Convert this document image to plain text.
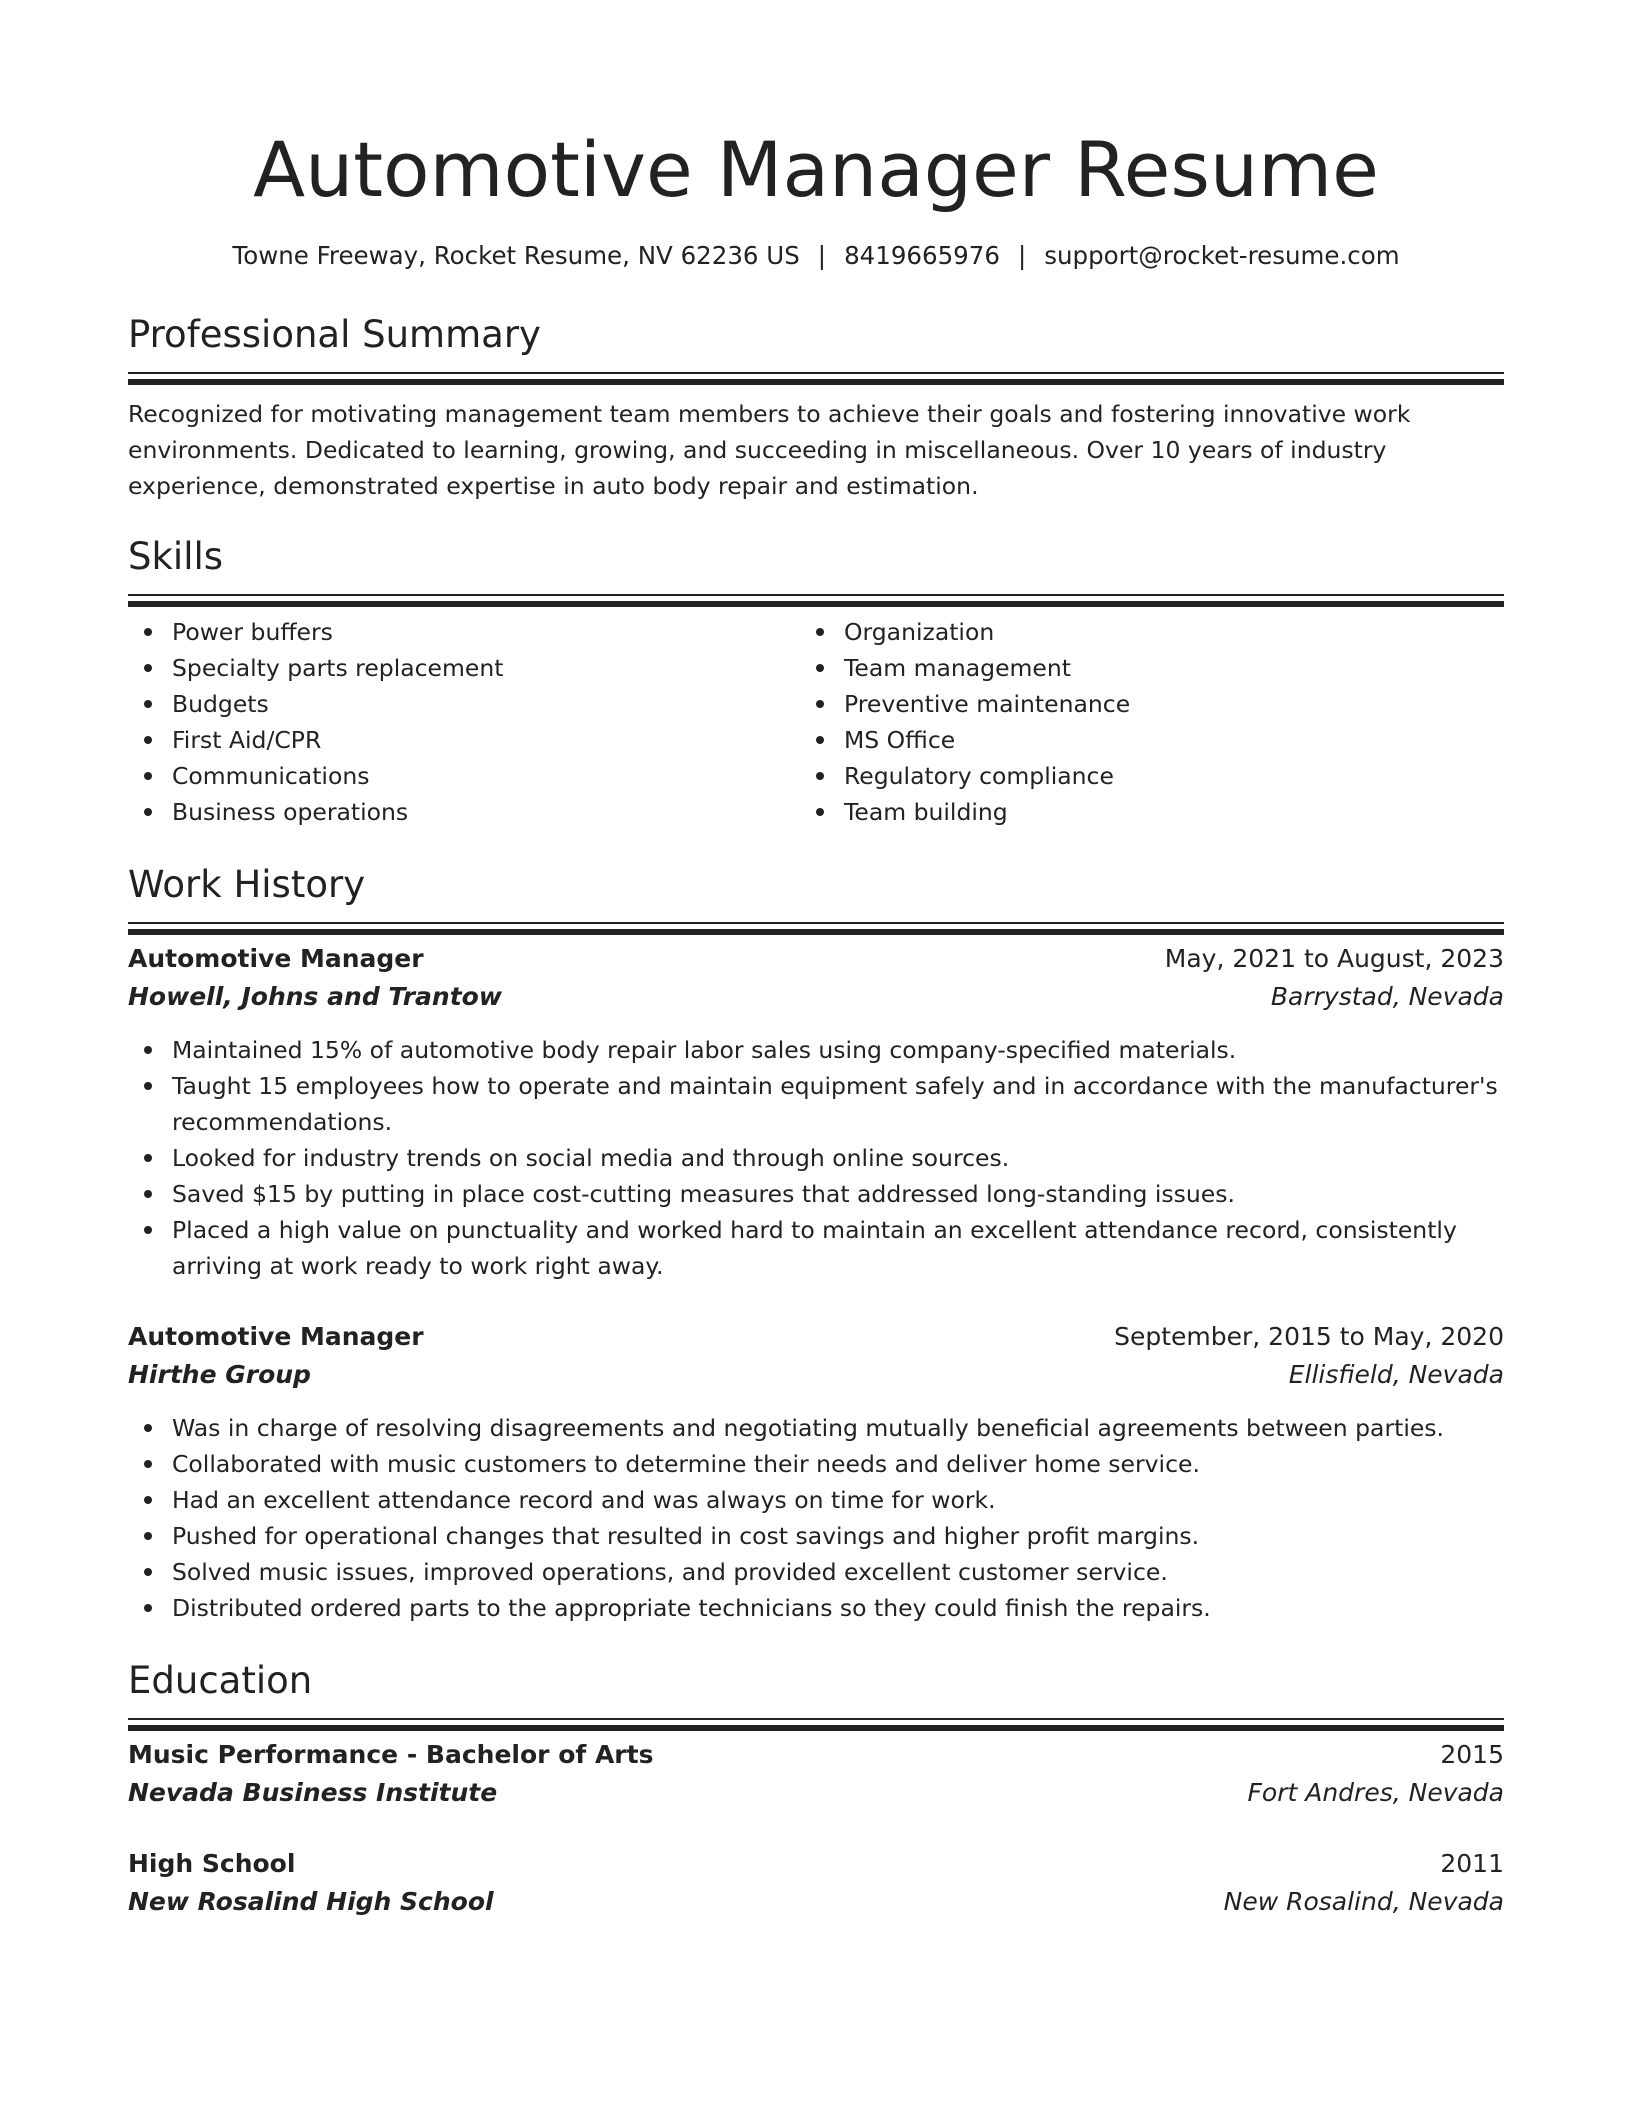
Automotive Manager Resume
Towne Freeway, Rocket Resume, NV 62236 US | 8419665976 | support@rocket-resume.com
Professional Summary

Recognized for motivating management team members to achieve their goals and fostering innovative work environments. Dedicated to learning, growing, and succeeding in miscellaneous. Over 10 years of industry experience, demonstrated expertise in auto body repair and estimation.

Skills
Power buffers
Specialty parts replacement
Budgets
First Aid/CPR
Communications
Business operations
Organization
Team management
Preventive maintenance
MS Office
Regulatory compliance
Team building
Work History
Automotive Manager	May, 2021 to August, 2023
Howell, Johns and Trantow	Barrystad, Nevada
Maintained 15% of automotive body repair labor sales using company-specified materials.
Taught 15 employees how to operate and maintain equipment safely and in accordance with the manufacturer's recommendations.
Looked for industry trends on social media and through online sources.
Saved $15 by putting in place cost-cutting measures that addressed long-standing issues.
Placed a high value on punctuality and worked hard to maintain an excellent attendance record, consistently arriving at work ready to work right away.
Automotive Manager	September, 2015 to May, 2020
Hirthe Group	Ellisfield, Nevada
Was in charge of resolving disagreements and negotiating mutually beneficial agreements between parties.
Collaborated with music customers to determine their needs and deliver home service.
Had an excellent attendance record and was always on time for work.
Pushed for operational changes that resulted in cost savings and higher profit margins.
Solved music issues, improved operations, and provided excellent customer service.
Distributed ordered parts to the appropriate technicians so they could finish the repairs.
Education
Music Performance - Bachelor of Arts	2015
Nevada Business Institute	Fort Andres, Nevada
High School	2011
New Rosalind High School	New Rosalind, Nevada
